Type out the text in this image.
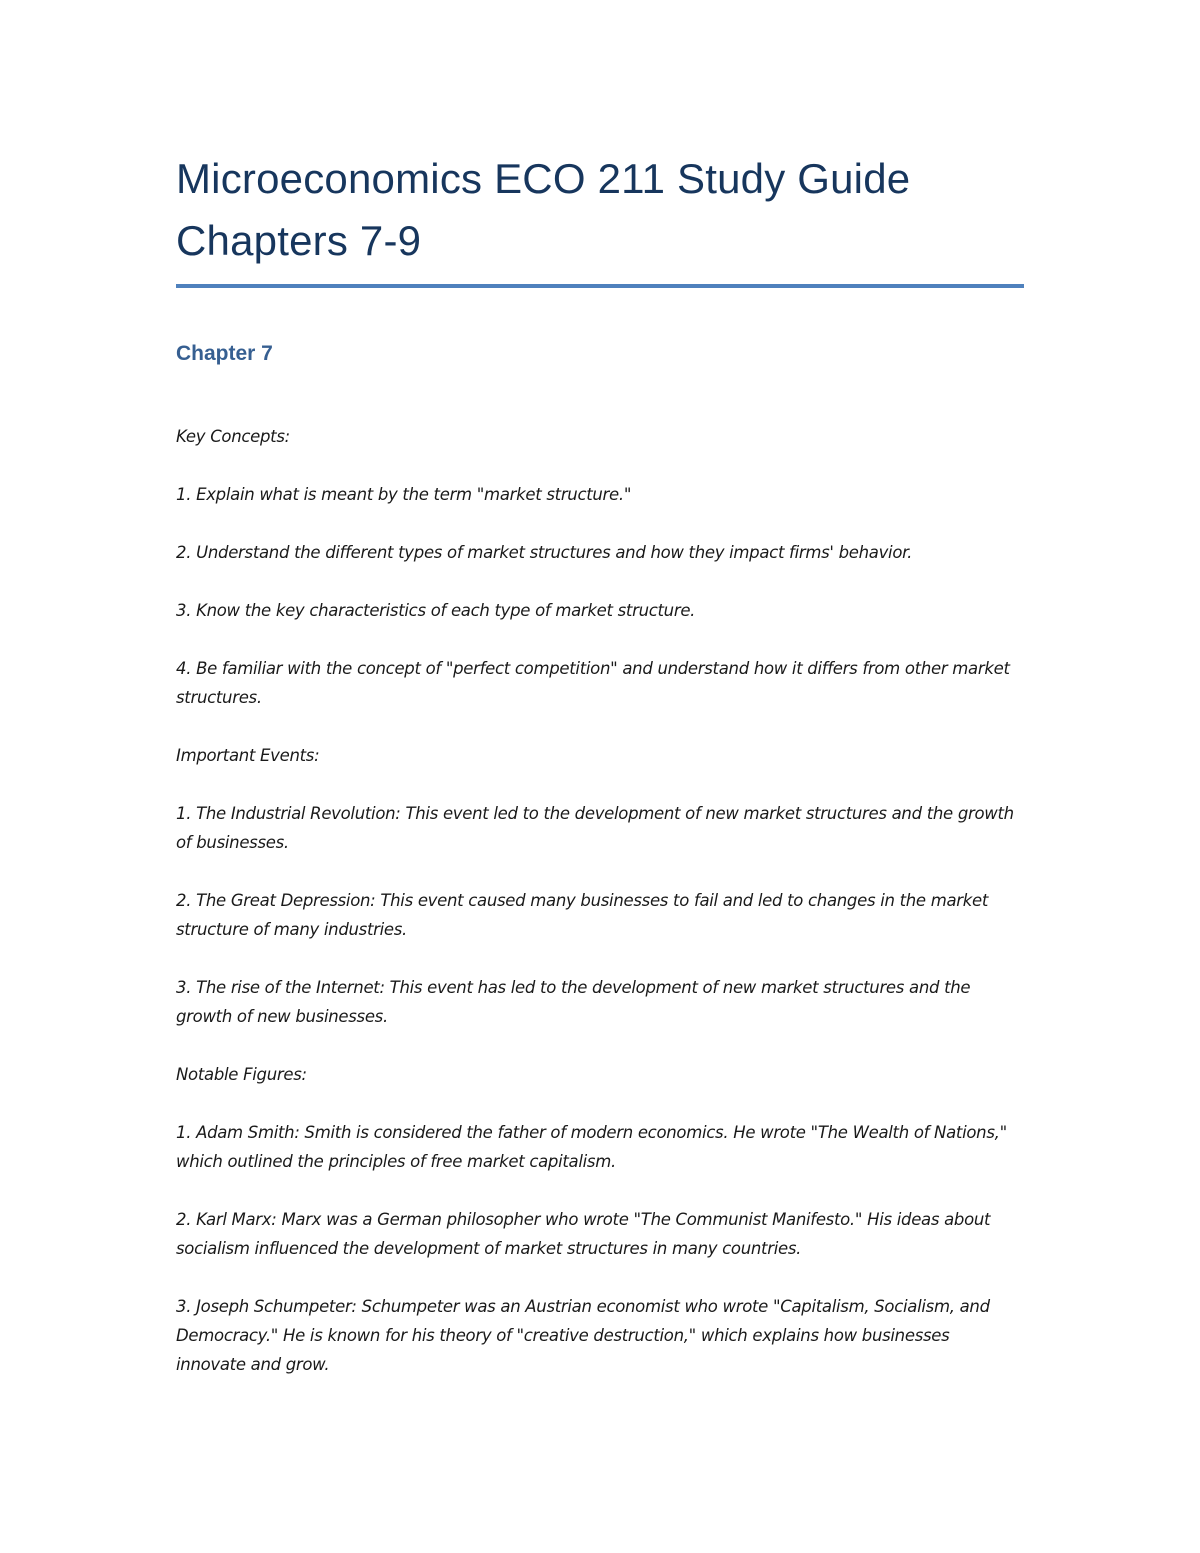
Microeconomics ECO 211 Study Guide
Chapters 7-9
Chapter 7

Key Concepts:

1. Explain what is meant by the term "market structure."

2. Understand the different types of market structures and how they impact firms' behavior.

3. Know the key characteristics of each type of market structure.

4. Be familiar with the concept of "perfect competition" and understand how it differs from other market structures.

Important Events:

1. The Industrial Revolution: This event led to the development of new market structures and the growth of businesses.

2. The Great Depression: This event caused many businesses to fail and led to changes in the market structure of many industries.

3. The rise of the Internet: This event has led to the development of new market structures and the growth of new businesses.

Notable Figures:

1. Adam Smith: Smith is considered the father of modern economics. He wrote "The Wealth of Nations," which outlined the principles of free market capitalism.

2. Karl Marx: Marx was a German philosopher who wrote "The Communist Manifesto." His ideas about socialism influenced the development of market structures in many countries.

3. Joseph Schumpeter: Schumpeter was an Austrian economist who wrote "Capitalism, Socialism, and Democracy." He is known for his theory of "creative destruction," which explains how businesses innovate and grow.
